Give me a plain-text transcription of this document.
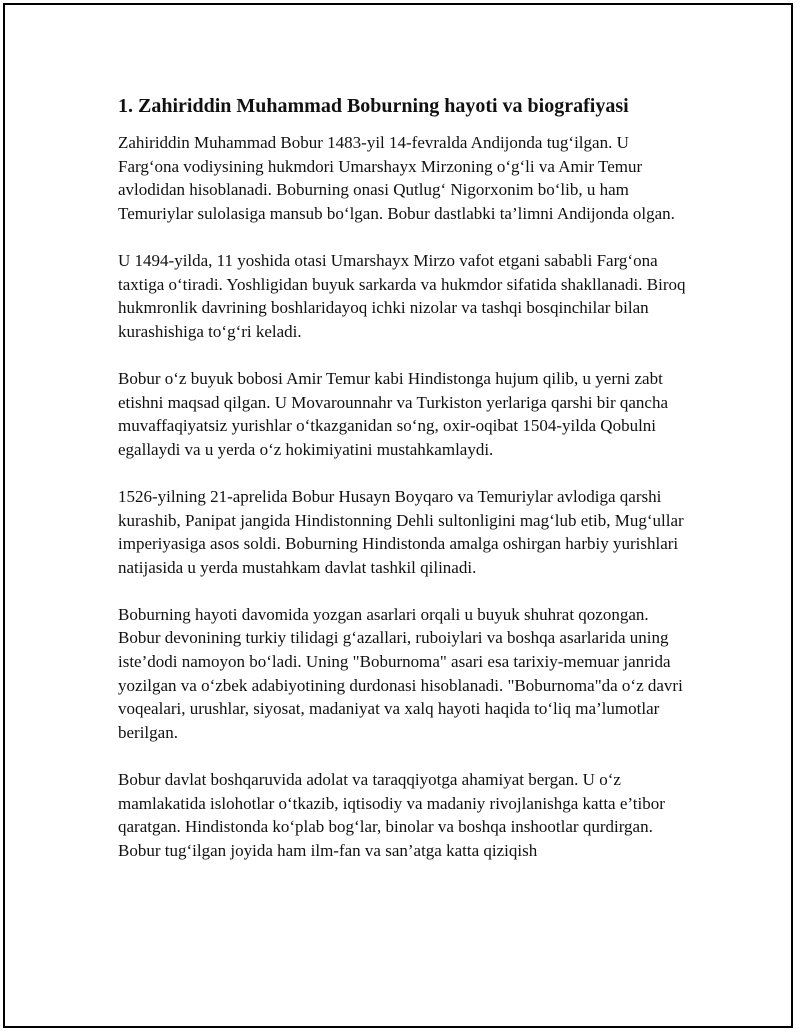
1. Zahiriddin Muhammad Boburning hayoti va biografiyasi

Zahiriddin Muhammad Bobur 1483-yil 14-fevralda Andijonda tug‘ilgan. U Farg‘ona vodiysining hukmdori Umarshayx Mirzoning o‘g‘li va Amir Temur avlodidan hisoblanadi. Boburning onasi Qutlug‘ Nigorxonim bo‘lib, u ham Temuriylar sulolasiga mansub bo‘lgan. Bobur dastlabki ta’limni Andijonda olgan.

U 1494-yilda, 11 yoshida otasi Umarshayx Mirzo vafot etgani sababli Farg‘ona taxtiga o‘tiradi. Yoshligidan buyuk sarkarda va hukmdor sifatida shakllanadi. Biroq hukmronlik davrining boshlaridayoq ichki nizolar va tashqi bosqinchilar bilan kurashishiga to‘g‘ri keladi.

Bobur o‘z buyuk bobosi Amir Temur kabi Hindistonga hujum qilib, u yerni zabt etishni maqsad qilgan. U Movarounnahr va Turkiston yerlariga qarshi bir qancha muvaffaqiyatsiz yurishlar o‘tkazganidan so‘ng, oxir-oqibat 1504-yilda Qobulni egallaydi va u yerda o‘z hokimiyatini mustahkamlaydi.

1526-yilning 21-aprelida Bobur Husayn Boyqaro va Temuriylar avlodiga qarshi kurashib, Panipat jangida Hindistonning Dehli sultonligini mag‘lub etib, Mug‘ullar imperiyasiga asos soldi. Boburning Hindistonda amalga oshirgan harbiy yurishlari natijasida u yerda mustahkam davlat tashkil qilinadi.

Boburning hayoti davomida yozgan asarlari orqali u buyuk shuhrat qozongan. Bobur devonining turkiy tilidagi g‘azallari, ruboiylari va boshqa asarlarida uning iste’dodi namoyon bo‘ladi. Uning "Boburnoma" asari esa tarixiy-memuar janrida yozilgan va o‘zbek adabiyotining durdonasi hisoblanadi. "Boburnoma"da o‘z davri voqealari, urushlar, siyosat, madaniyat va xalq hayoti haqida to‘liq ma’lumotlar berilgan.

Bobur davlat boshqaruvida adolat va taraqqiyotga ahamiyat bergan. U o‘z mamlakatida islohotlar o‘tkazib, iqtisodiy va madaniy rivojlanishga katta e’tibor qaratgan. Hindistonda ko‘plab bog‘lar, binolar va boshqa inshootlar qurdirgan. Bobur tug‘ilgan joyida ham ilm-fan va san’atga katta qiziqish
